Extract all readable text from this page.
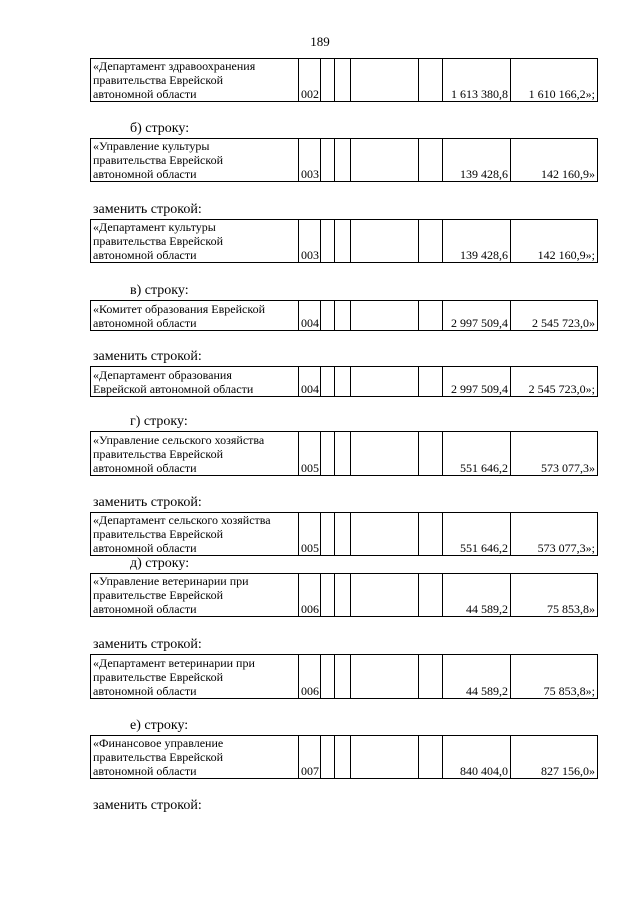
189
«Департамент здравоохранения
правительства Еврейской
автономной области	002					1 613 380,8	1 610 166,2»;
б) строку:
«Управление культуры
правительства Еврейской
автономной области	003					139 428,6	142 160,9»
заменить строкой:
«Департамент культуры
правительства Еврейской
автономной области	003					139 428,6	142 160,9»;
в) строку:
«Комитет образования Еврейской
автономной области	004					2 997 509,4	2 545 723,0»
заменить строкой:
«Департамент образования
Еврейской автономной области	004					2 997 509,4	2 545 723,0»;
г) строку:
«Управление сельского хозяйства
правительства Еврейской
автономной области	005					551 646,2	573 077,3»
заменить строкой:
«Департамент сельского хозяйства
правительства Еврейской
автономной области	005					551 646,2	573 077,3»;
д) строку:
«Управление ветеринарии при
правительстве Еврейской
автономной области	006					44 589,2	75 853,8»
заменить строкой:
«Департамент ветеринарии при
правительстве Еврейской
автономной области	006					44 589,2	75 853,8»;
е) строку:
«Финансовое управление
правительства Еврейской
автономной области	007					840 404,0	827 156,0»
заменить строкой:
